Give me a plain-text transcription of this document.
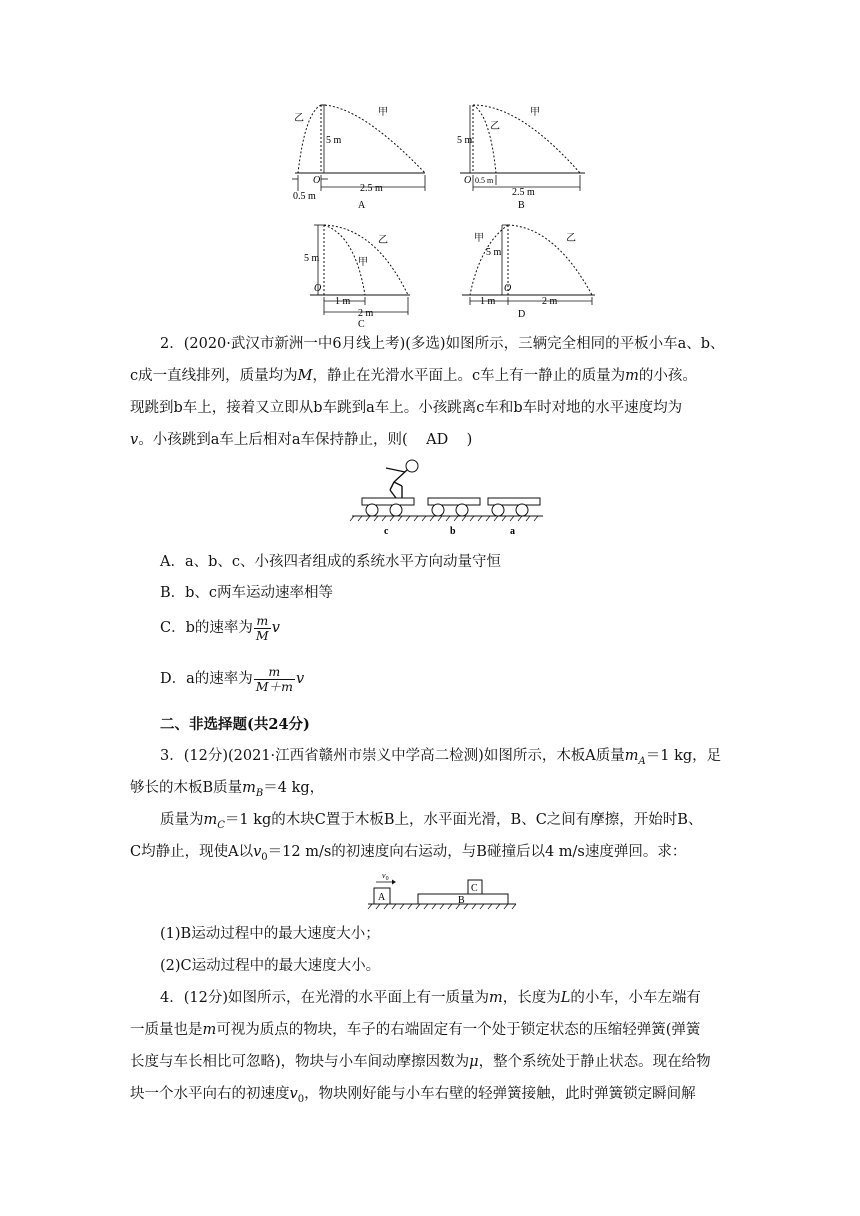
乙
甲
5 m
O
0.5 m
2.5 m
A
5 m
乙
甲
O 0.5 m
2.5 m
B
5 m
乙
甲
O
1 m
2 m
C
甲
5 m
乙
O
1 m	2 m
D
2．(2020·武汉市新洲一中6月线上考)(多选)如图所示，三辆完全相同的平板小车a、b、
c成一直线排列，质量均为M，静止在光滑水平面上。c车上有一静止的质量为m的小孩。
现跳到b车上，接着又立即从b车跳到a车上。小孩跳离c车和b车时对地的水平速度均为
v。小孩跳到a车上后相对a车保持静止，则( AD )
c	b	a
A．a、b、c、小孩四者组成的系统水平方向动量守恒
B．b、c两车运动速率相等
C．b的速率为 $\frac{m}{M}$ v
D．a的速率为 $\frac{m}{M+m}$ v
二、非选择题(共24分)
3．(12分)(2021·江西省赣州市崇义中学高二检测)如图所示，木板A质量$m_A=1$ kg，足
够长的木板B质量$m_B=4$ kg，
质量为$m_C=1$ kg的木块C置于木板B上，水平面光滑，B、C之间有摩擦，开始时B、
C均静止，现使A以$v_0=12$ m/s的初速度向右运动，与B碰撞后以4 m/s速度弹回。求：
$v_0$
A	B
C
(1)B运动过程中的最大速度大小；
(2)C运动过程中的最大速度大小。
4．(12分)如图所示，在光滑的水平面上有一质量为m，长度为L的小车，小车左端有
一质量也是m可视为质点的物块，车子的右端固定有一个处于锁定状态的压缩轻弹簧(弹簧
长度与车长相比可忽略)，物块与小车间动摩擦因数为μ，整个系统处于静止状态。现在给物
块一个水平向右的初速度$v_0$，物块刚好能与小车右壁的轻弹簧接触，此时弹簧锁定瞬间解
